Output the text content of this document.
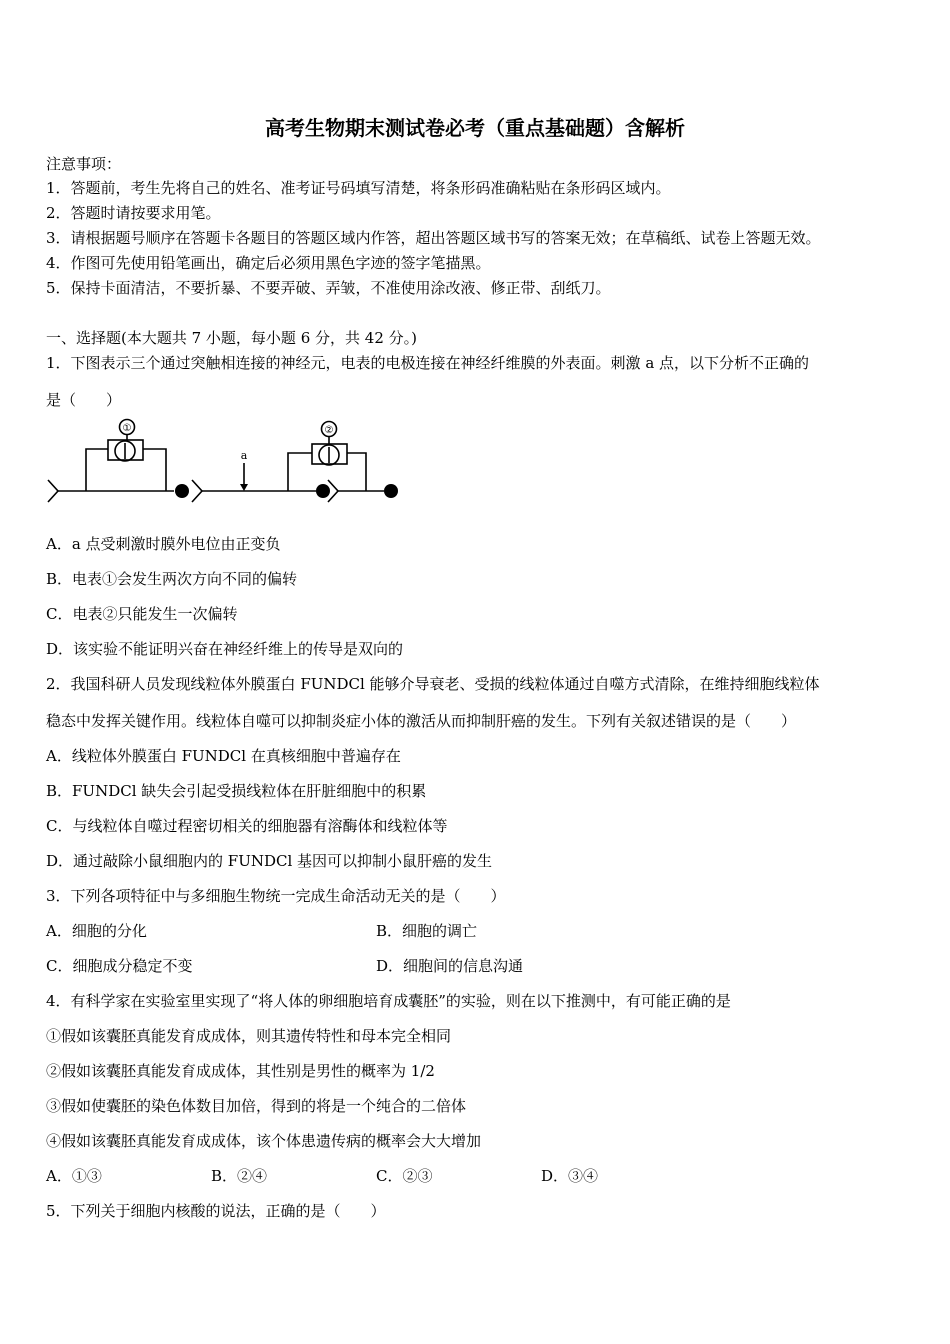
高考生物期末测试卷必考（重点基础题）含解析
注意事项：
1．答题前，考生先将自己的姓名、准考证号码填写清楚，将条形码准确粘贴在条形码区域内。
2．答题时请按要求用笔。
3．请根据题号顺序在答题卡各题目的答题区域内作答，超出答题区域书写的答案无效；在草稿纸、试卷上答题无效。
4．作图可先使用铅笔画出，确定后必须用黑色字迹的签字笔描黑。
5．保持卡面清洁，不要折暴、不要弄破、弄皱，不准使用涂改液、修正带、刮纸刀。
一、选择题(本大题共 7 小题，每小题 6 分，共 42 分。)
1．下图表示三个通过突触相连接的神经元，电表的电极连接在神经纤维膜的外表面。刺激 a 点，以下分析不正确的
是（　　）
①	②
a
A．a 点受刺激时膜外电位由正变负
B．电表①会发生两次方向不同的偏转
C．电表②只能发生一次偏转
D．该实验不能证明兴奋在神经纤维上的传导是双向的
2．我国科研人员发现线粒体外膜蛋白 FUNDCl 能够介导衰老、受损的线粒体通过自噬方式清除，在维持细胞线粒体
稳态中发挥关键作用。线粒体自噬可以抑制炎症小体的激活从而抑制肝癌的发生。下列有关叙述错误的是（　　）
A．线粒体外膜蛋白 FUNDCl 在真核细胞中普遍存在
B．FUNDCl 缺失会引起受损线粒体在肝脏细胞中的积累
C．与线粒体自噬过程密切相关的细胞器有溶酶体和线粒体等
D．通过敲除小鼠细胞内的 FUNDCl 基因可以抑制小鼠肝癌的发生
3．下列各项特征中与多细胞生物统一完成生命活动无关的是（　　）
A．细胞的分化	B．细胞的调亡
C．细胞成分稳定不变	D．细胞间的信息沟通
4．有科学家在实验室里实现了“将人体的卵细胞培育成囊胚”的实验，则在以下推测中，有可能正确的是
①假如该囊胚真能发育成成体，则其遗传特性和母本完全相同
②假如该囊胚真能发育成成体，其性别是男性的概率为 1/2
③假如使囊胚的染色体数目加倍，得到的将是一个纯合的二倍体
④假如该囊胚真能发育成成体，该个体患遗传病的概率会大大增加
A．①③	B．②④	C．②③	D．③④
5．下列关于细胞内核酸的说法，正确的是（　　）
